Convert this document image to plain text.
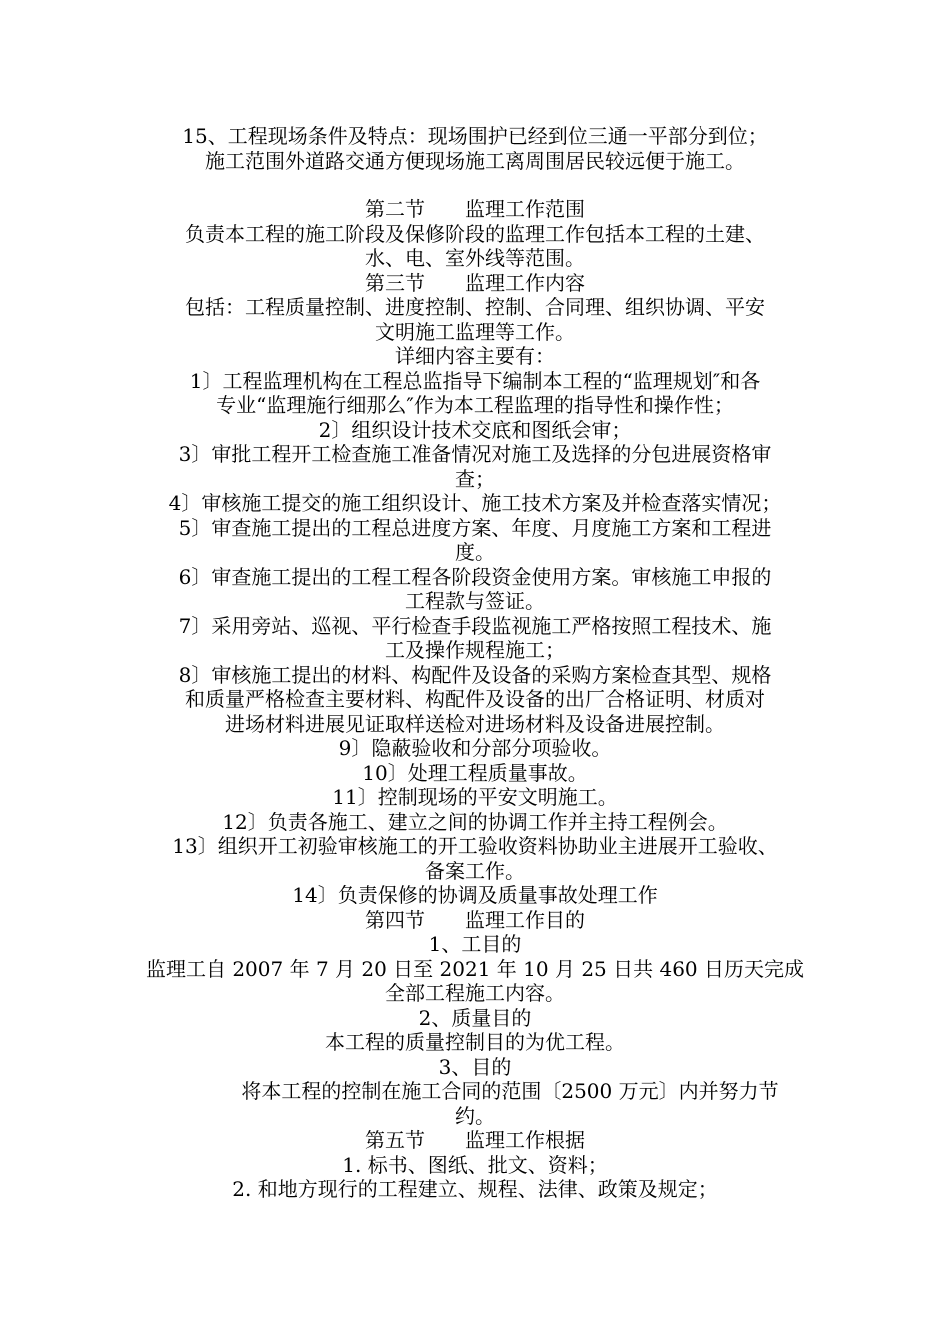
15、工程现场条件及特点：现场围护已经到位三通一平部分到位；
施工范围外道路交通方便现场施工离周围居民较远便于施工。
第二节　　监理工作范围
负责本工程的施工阶段及保修阶段的监理工作包括本工程的土建、
水、电、室外线等范围。
第三节　　监理工作内容
包括：工程质量控制、进度控制、控制、合同理、组织协调、平安
文明施工监理等工作。
详细内容主要有：
1〕工程监理机构在工程总监指导下编制本工程的“监理规划″和各
专业“监理施行细那么″作为本工程监理的指导性和操作性；
2〕组织设计技术交底和图纸会审；
3〕审批工程开工检查施工准备情况对施工及选择的分包进展资格审
查；
4〕审核施工提交的施工组织设计、施工技术方案及并检查落实情况；
5〕审查施工提出的工程总进度方案、年度、月度施工方案和工程进
度。
6〕审查施工提出的工程工程各阶段资金使用方案。审核施工申报的
工程款与签证。
7〕采用旁站、巡视、平行检查手段监视施工严格按照工程技术、施
工及操作规程施工；
8〕审核施工提出的材料、构配件及设备的采购方案检查其型、规格
和质量严格检查主要材料、构配件及设备的出厂合格证明、材质对
进场材料进展见证取样送检对进场材料及设备进展控制。
9〕隐蔽验收和分部分项验收。
10〕处理工程质量事故。
11〕控制现场的平安文明施工。
12〕负责各施工、建立之间的协调工作并主持工程例会。
13〕组织开工初验审核施工的开工验收资料协助业主进展开工验收、
备案工作。
14〕负责保修的协调及质量事故处理工作
第四节　　监理工作目的
1、工目的
监理工自 2007 年 7 月 20 日至 2021 年 10 月 25 日共 460 日历天完成
全部工程施工内容。
2、质量目的
本工程的质量控制目的为优工程。
3、目的
将本工程的控制在施工合同的范围〔2500 万元〕内并努力节
约。
第五节　　监理工作根据
1. 标书、图纸、批文、资料；
2. 和地方现行的工程建立、规程、法律、政策及规定；
